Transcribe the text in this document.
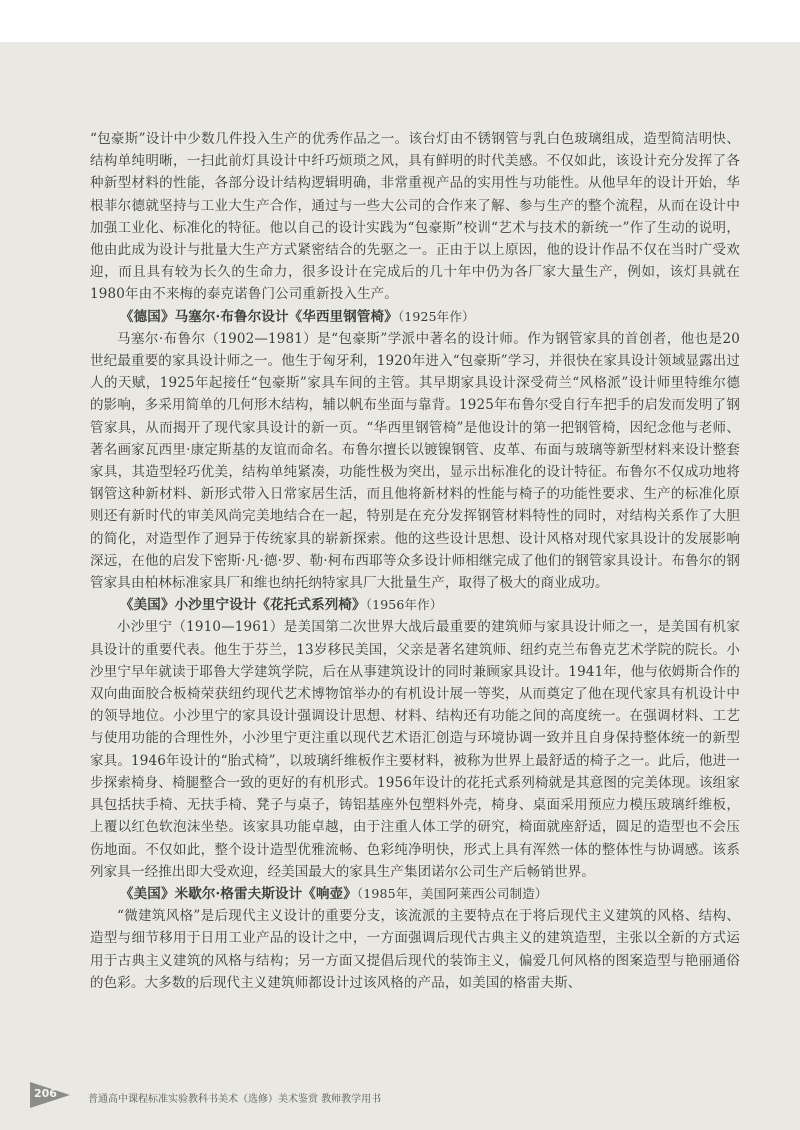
“包豪斯”设计中少数几件投入生产的优秀作品之一。该台灯由不锈钢管与乳白色玻璃组成，造型简洁明快、结构单纯明晰，一扫此前灯具设计中纤巧烦琐之风，具有鲜明的时代美感。不仅如此，该设计充分发挥了各种新型材料的性能，各部分设计结构逻辑明确，非常重视产品的实用性与功能性。从他早年的设计开始，华根菲尔德就坚持与工业大生产合作，通过与一些大公司的合作来了解、参与生产的整个流程，从而在设计中加强工业化、标准化的特征。他以自己的设计实践为“包豪斯”校训“艺术与技术的新统一”作了生动的说明，他由此成为设计与批量大生产方式紧密结合的先驱之一。正由于以上原因，他的设计作品不仅在当时广受欢迎，而且具有较为长久的生命力，很多设计在完成后的几十年中仍为各厂家大量生产，例如，该灯具就在1980年由不来梅的泰克诺鲁门公司重新投入生产。

《德国》马塞尔·布鲁尔设计《华西里钢管椅》（1925年作）

马塞尔·布鲁尔（1902—1981）是“包豪斯”学派中著名的设计师。作为钢管家具的首创者，他也是20世纪最重要的家具设计师之一。他生于匈牙利，1920年进入“包豪斯”学习，并很快在家具设计领域显露出过人的天赋，1925年起接任“包豪斯”家具车间的主管。其早期家具设计深受荷兰“风格派”设计师里特维尔德的影响，多采用简单的几何形木结构，辅以帆布坐面与靠背。1925年布鲁尔受自行车把手的启发而发明了钢管家具，从而揭开了现代家具设计的新一页。“华西里钢管椅”是他设计的第一把钢管椅，因纪念他与老师、著名画家瓦西里·康定斯基的友谊而命名。布鲁尔擅长以镀镍钢管、皮革、布面与玻璃等新型材料来设计整套家具，其造型轻巧优美，结构单纯紧凑，功能性极为突出，显示出标准化的设计特征。布鲁尔不仅成功地将钢管这种新材料、新形式带入日常家居生活，而且他将新材料的性能与椅子的功能性要求、生产的标准化原则还有新时代的审美风尚完美地结合在一起，特别是在充分发挥钢管材料特性的同时，对结构关系作了大胆的简化，对造型作了迥异于传统家具的崭新探索。他的这些设计思想、设计风格对现代家具设计的发展影响深远，在他的启发下密斯·凡·德·罗、勒·柯布西耶等众多设计师相继完成了他们的钢管家具设计。布鲁尔的钢管家具由柏林标准家具厂和维也纳托纳特家具厂大批量生产，取得了极大的商业成功。

《美国》小沙里宁设计《花托式系列椅》（1956年作）

小沙里宁（1910—1961）是美国第二次世界大战后最重要的建筑师与家具设计师之一，是美国有机家具设计的重要代表。他生于芬兰，13岁移民美国，父亲是著名建筑师、纽约克兰布鲁克艺术学院的院长。小沙里宁早年就读于耶鲁大学建筑学院，后在从事建筑设计的同时兼顾家具设计。1941年，他与依姆斯合作的双向曲面胶合板椅荣获纽约现代艺术博物馆举办的有机设计展一等奖，从而奠定了他在现代家具有机设计中的领导地位。小沙里宁的家具设计强调设计思想、材料、结构还有功能之间的高度统一。在强调材料、工艺与使用功能的合理性外，小沙里宁更注重以现代艺术语汇创造与环境协调一致并且自身保持整体统一的新型家具。1946年设计的“胎式椅”，以玻璃纤维板作主要材料，被称为世界上最舒适的椅子之一。此后，他进一步探索椅身、椅腿整合一致的更好的有机形式。1956年设计的花托式系列椅就是其意图的完美体现。该组家具包括扶手椅、无扶手椅、凳子与桌子，铸铝基座外包塑料外壳，椅身、桌面采用预应力模压玻璃纤维板，上覆以红色软泡沫坐垫。该家具功能卓越，由于注重人体工学的研究，椅面就座舒适，圆足的造型也不会压伤地面。不仅如此，整个设计造型优雅流畅、色彩纯净明快，形式上具有浑然一体的整体性与协调感。该系列家具一经推出即大受欢迎，经美国最大的家具生产集团诺尔公司生产后畅销世界。

《美国》米歇尔·格雷夫斯设计《响壶》（1985年，美国阿莱西公司制造）

“微建筑风格”是后现代主义设计的重要分支，该流派的主要特点在于将后现代主义建筑的风格、结构、造型与细节移用于日用工业产品的设计之中，一方面强调后现代古典主义的建筑造型，主张以全新的方式运用于古典主义建筑的风格与结构；另一方面又提倡后现代的装饰主义，偏爱几何风格的图案造型与艳丽通俗的色彩。大多数的后现代主义建筑师都设计过该风格的产品，如美国的格雷夫斯、

206	普通高中课程标准实验教科书美术（选修）美术鉴赏 教师教学用书
